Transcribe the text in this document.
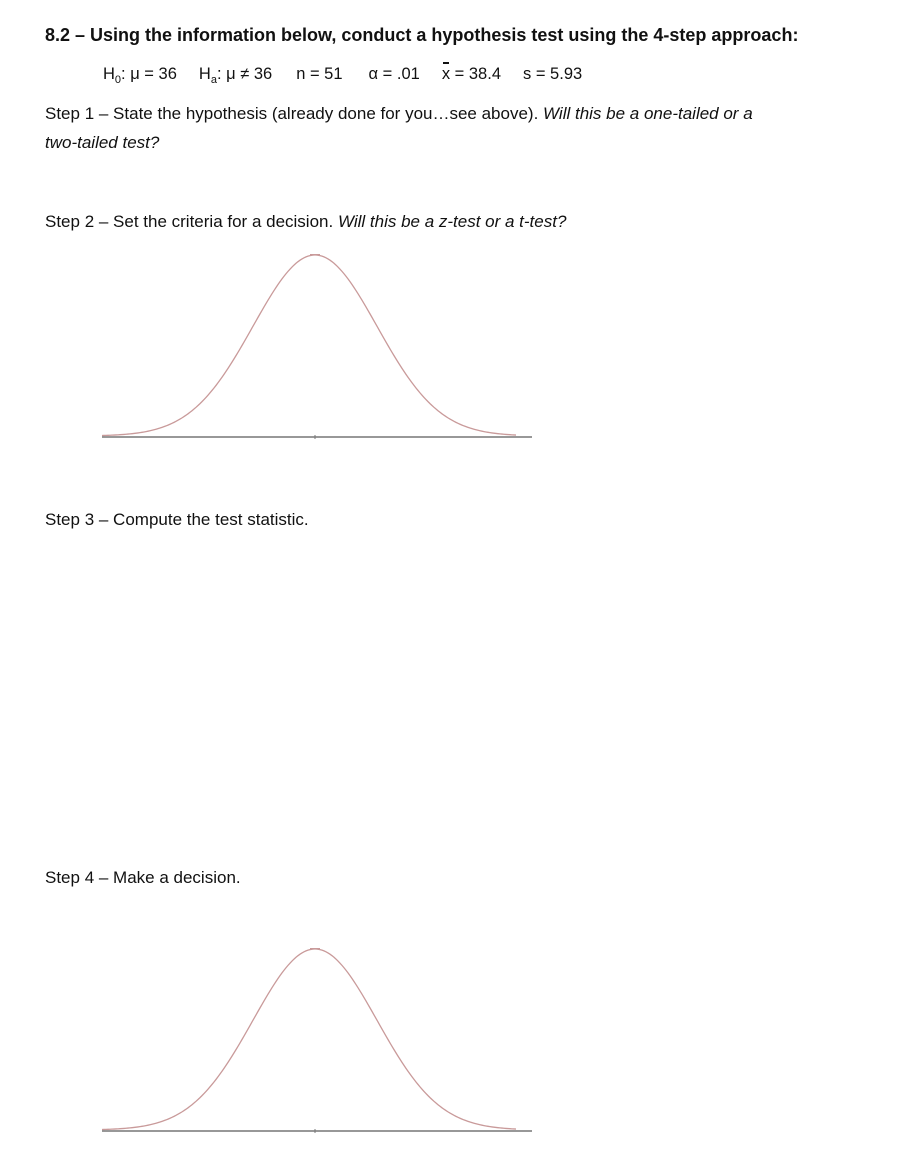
8.2 – Using the information below, conduct a hypothesis test using the 4-step approach:
$H_0$: μ = 36 $H_a$: μ ≠ 36 n = 51 α = .01 x = 38.4 s = 5.93
Step 1 – State the hypothesis (already done for you…see above). Will this be a one-tailed or a
two-tailed test?
Step 2 – Set the criteria for a decision. Will this be a z-test or a t-test?
Step 3 – Compute the test statistic.
Step 4 – Make a decision.
